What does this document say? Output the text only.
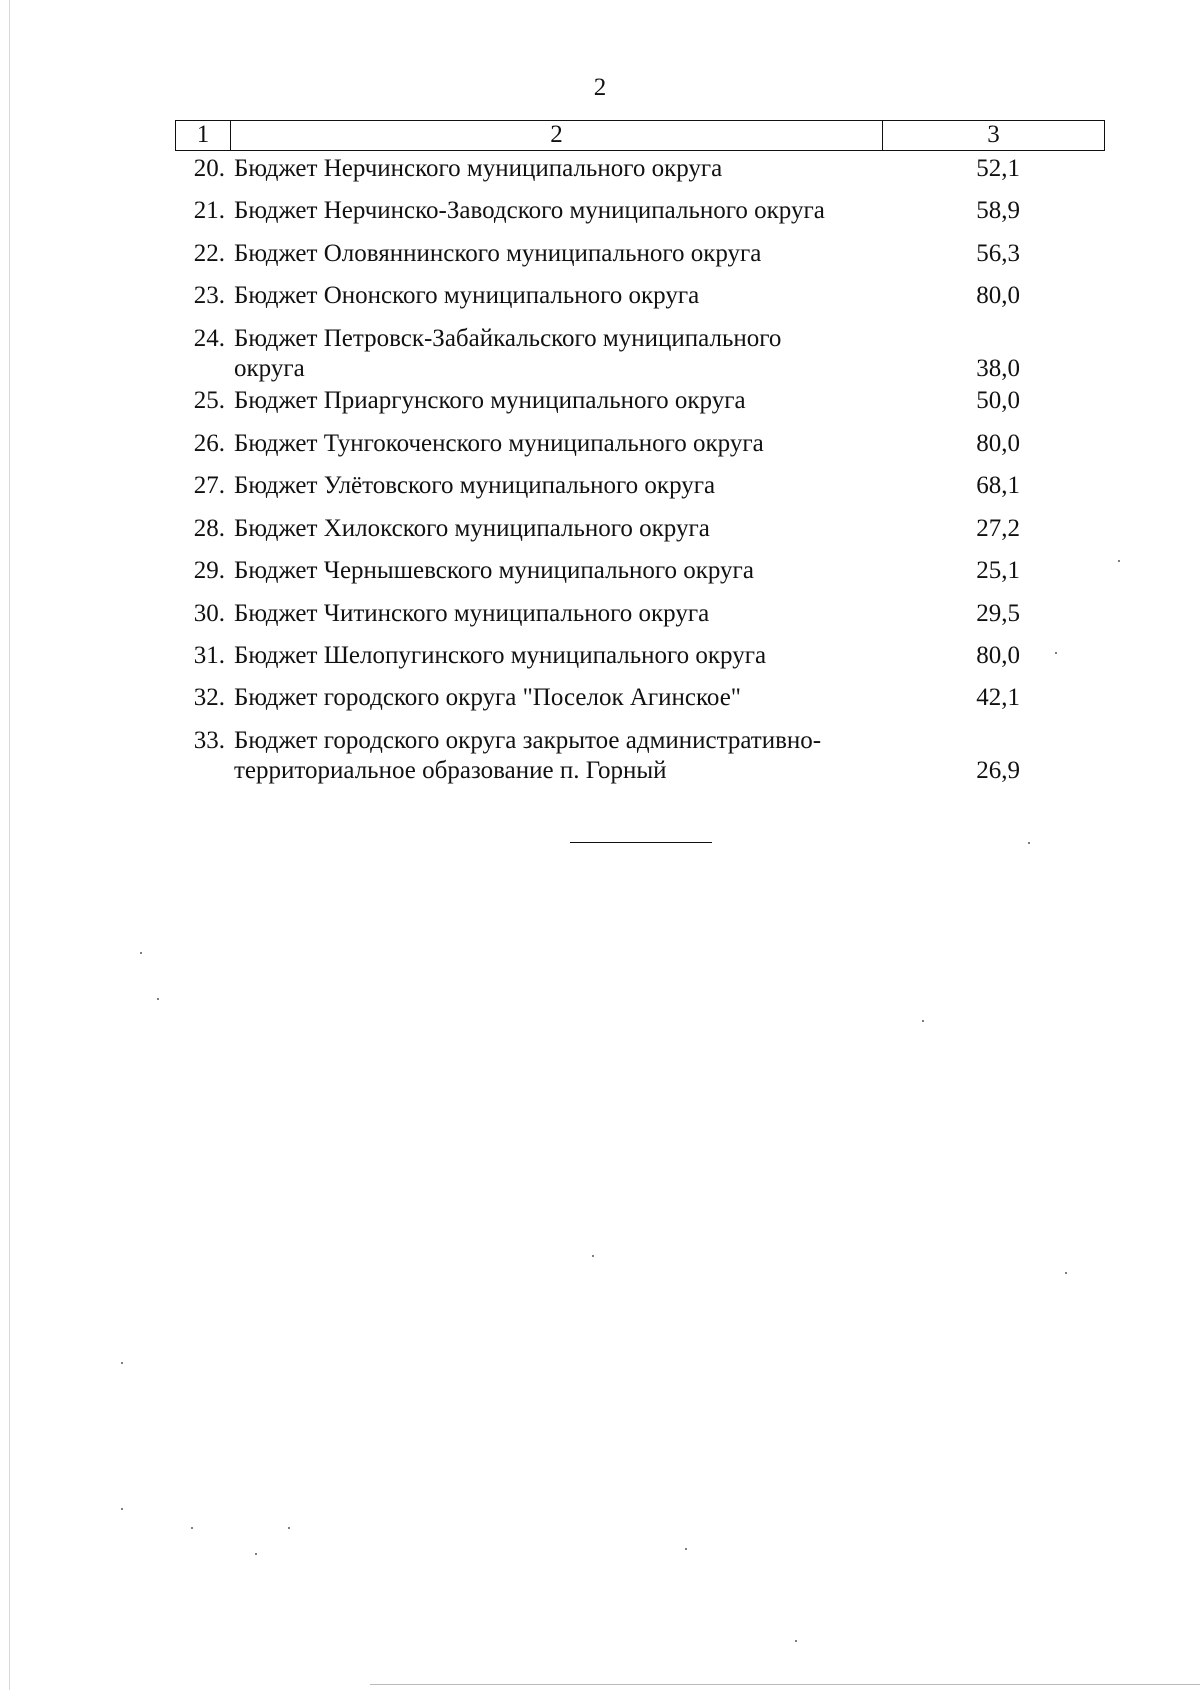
2
1	2	3
20. Бюджет Нерчинского муниципального округа	52,1
21. Бюджет Нерчинско-Заводского муниципального округа	58,9
22. Бюджет Оловяннинского муниципального округа	56,3
23. Бюджет Ононского муниципального округа	80,0
24. Бюджет Петровск-Забайкальского муниципального
округа	38,0
25. Бюджет Приаргунского муниципального округа	50,0
26. Бюджет Тунгокоченского муниципального округа	80,0
27. Бюджет Улётовского муниципального округа	68,1
28. Бюджет Хилокского муниципального округа	27,2
29. Бюджет Чернышевского муниципального округа	25,1
30. Бюджет Читинского муниципального округа	29,5
31. Бюджет Шелопугинского муниципального округа	80,0
32. Бюджет городского округа "Поселок Агинское"	42,1
33. Бюджет городского округа закрытое административно-
территориальное образование п. Горный	26,9
